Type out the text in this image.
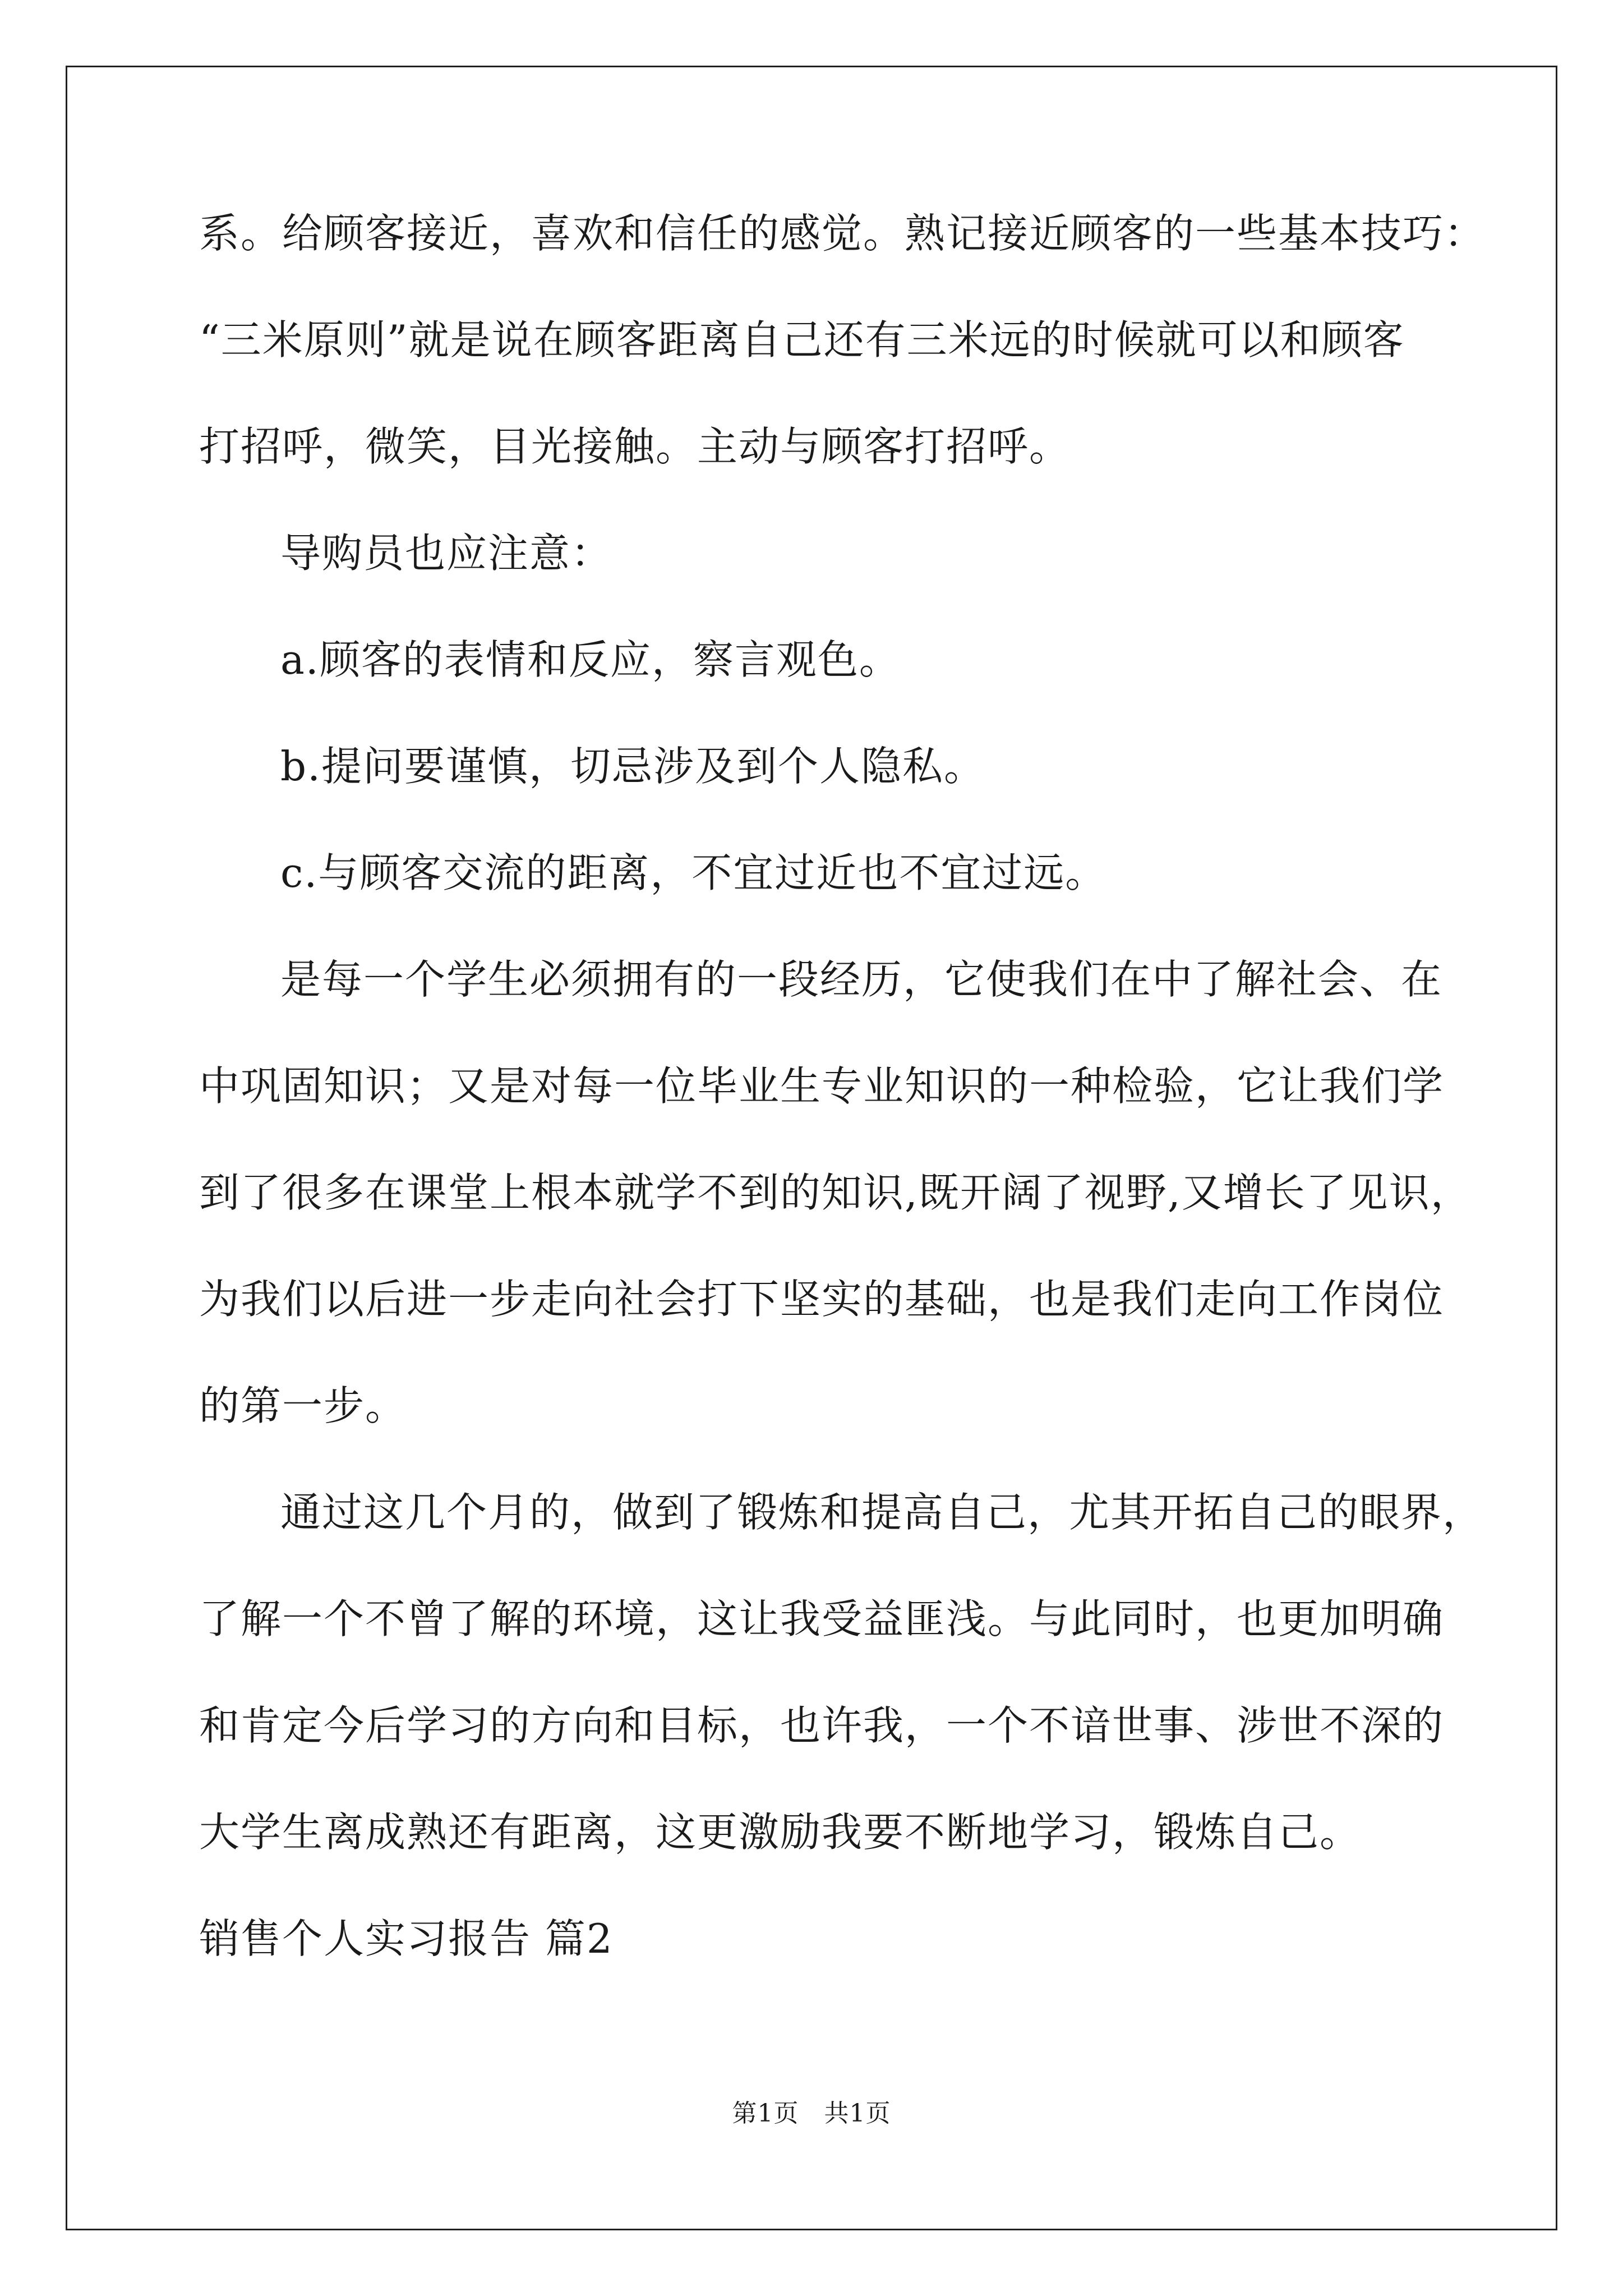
系。给顾客接近，喜欢和信任的感觉。熟记接近顾客的一些基本技巧：
“三米原则”就是说在顾客距离自己还有三米远的时候就可以和顾客
打招呼，微笑，目光接触。主动与顾客打招呼。
导购员也应注意：
a.顾客的表情和反应，察言观色。
b.提问要谨慎，切忌涉及到个人隐私。
c.与顾客交流的距离，不宜过近也不宜过远。
是每一个学生必须拥有的一段经历，它使我们在中了解社会、在
中巩固知识；又是对每一位毕业生专业知识的一种检验，它让我们学
到了很多在课堂上根本就学不到的知识,既开阔了视野,又增长了见识，
为我们以后进一步走向社会打下坚实的基础，也是我们走向工作岗位
的第一步。
通过这几个月的，做到了锻炼和提高自己，尤其开拓自己的眼界，
了解一个不曾了解的环境，这让我受益匪浅。与此同时，也更加明确
和肯定今后学习的方向和目标，也许我，一个不谙世事、涉世不深的
大学生离成熟还有距离，这更激励我要不断地学习，锻炼自己。
销售个人实习报告 篇2
第1页　共1页
